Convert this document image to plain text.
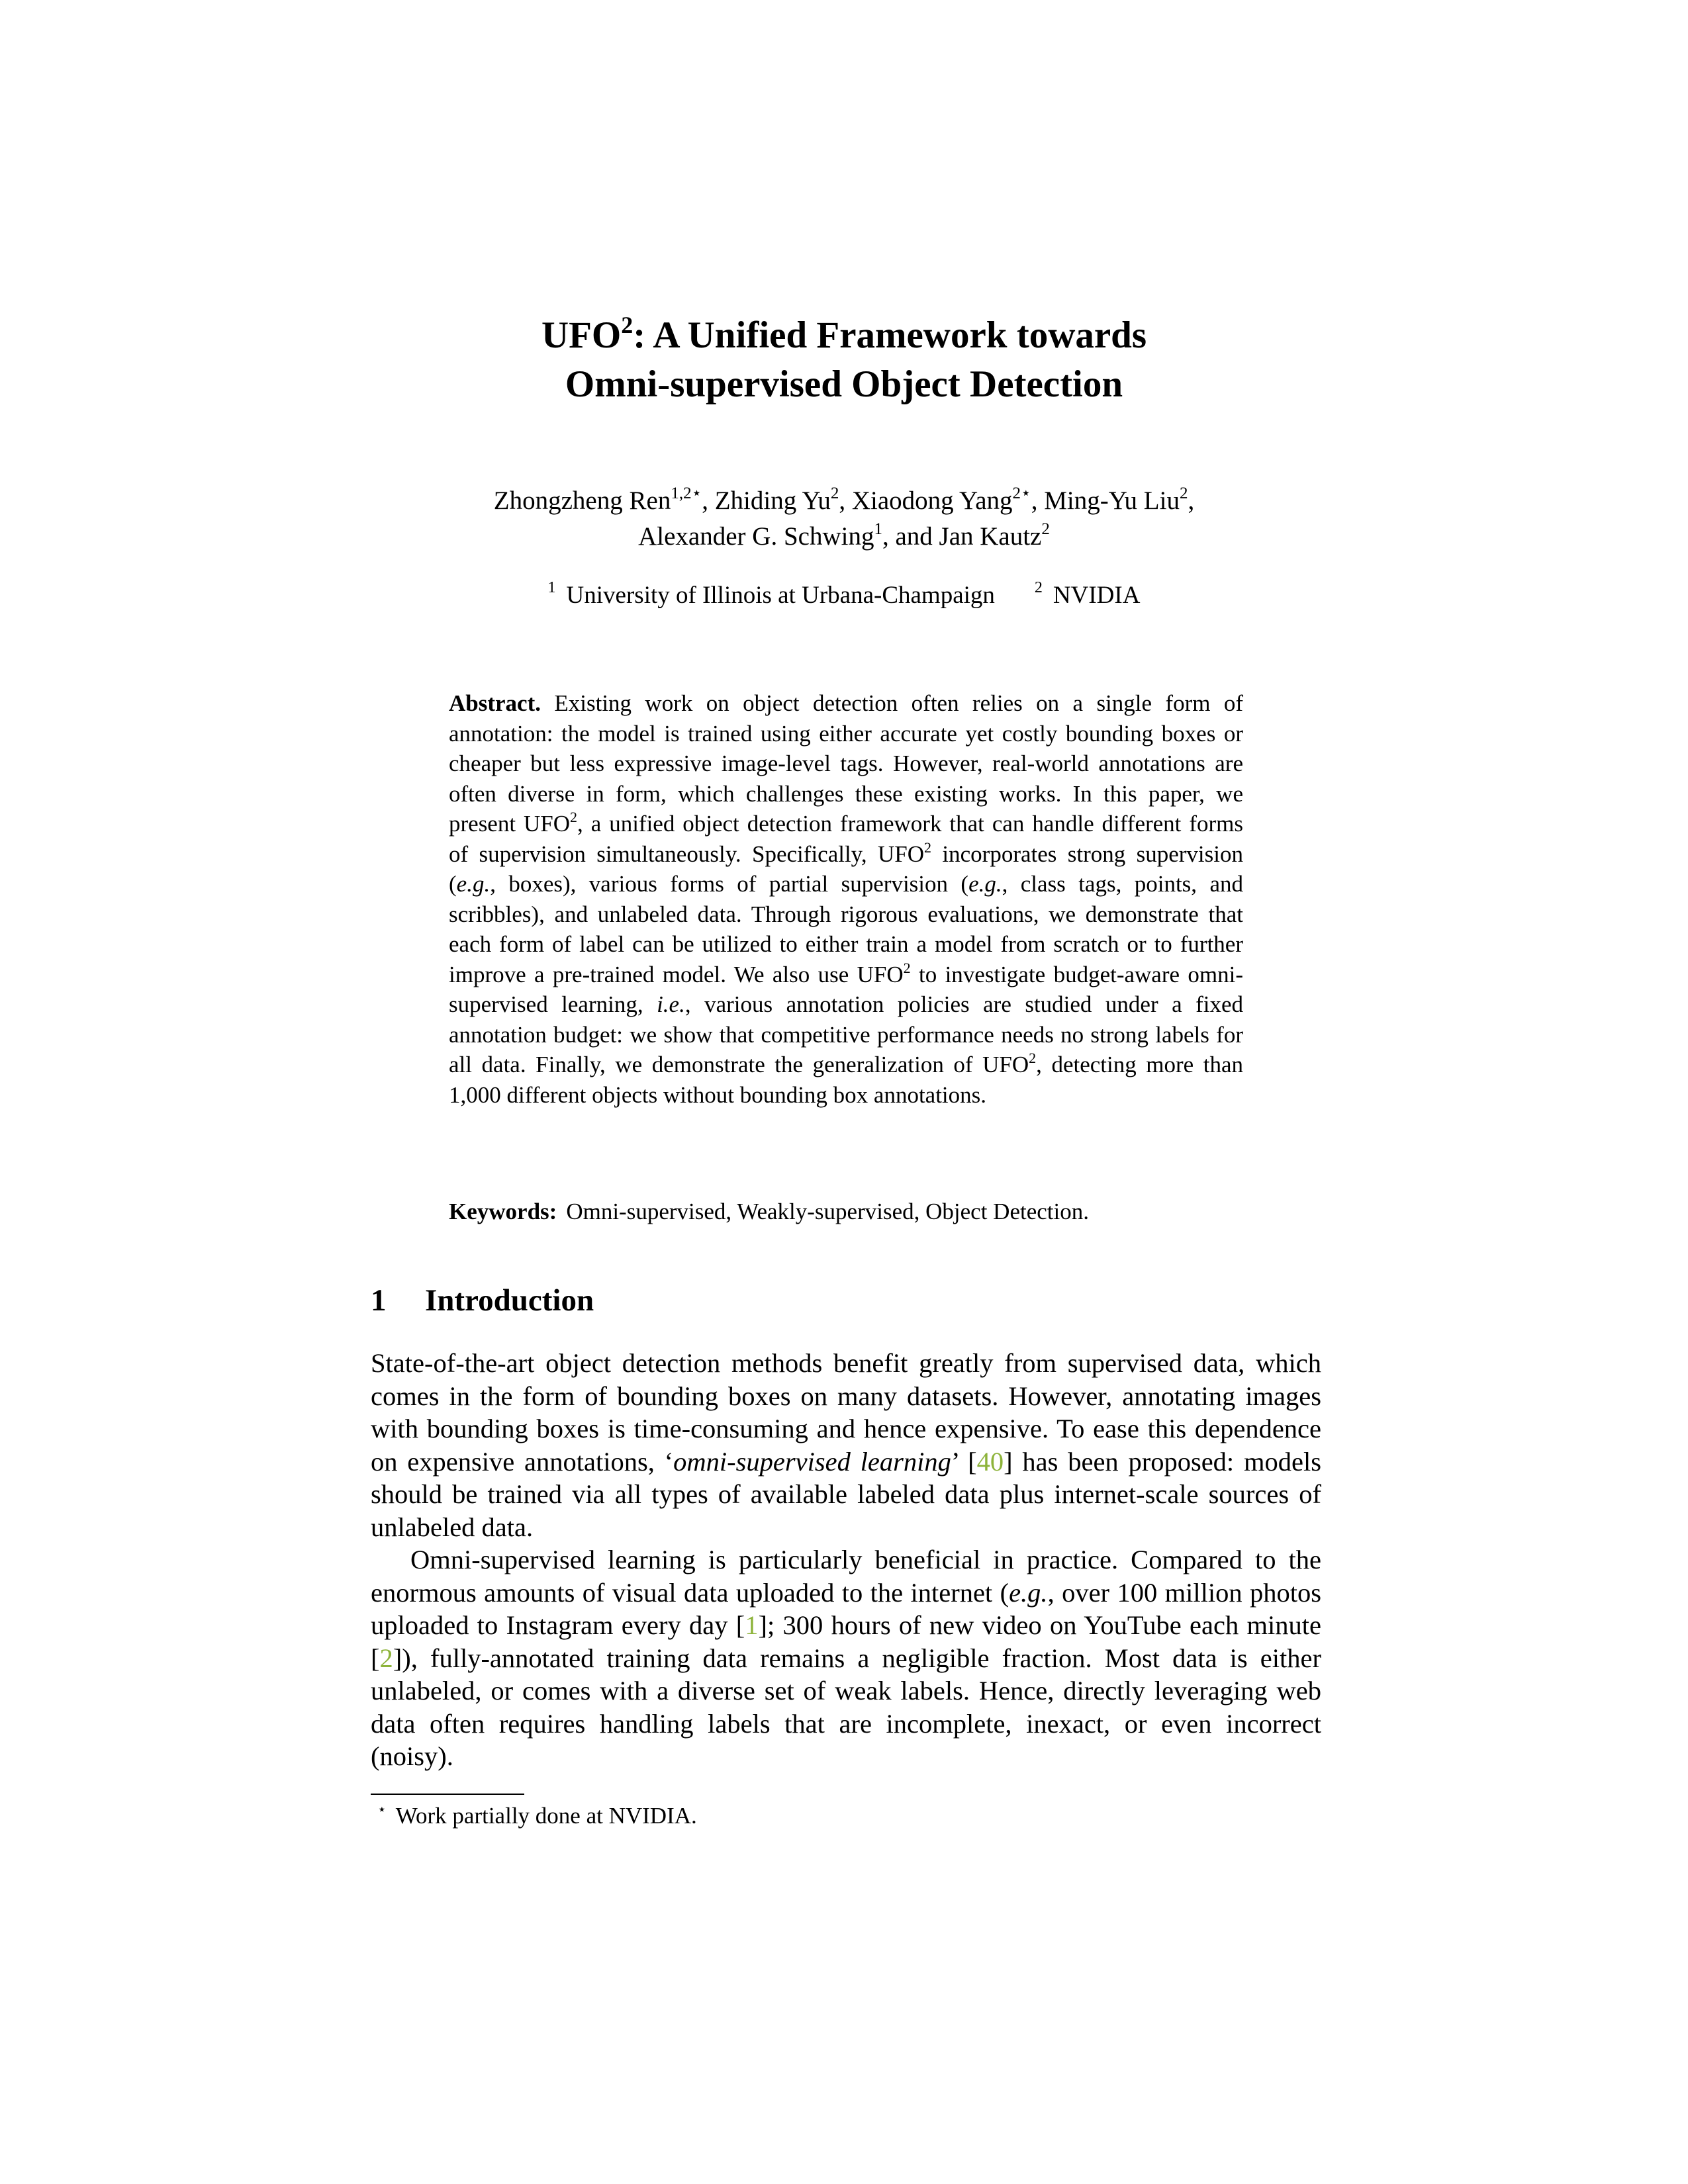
UFO$^2$: A Unified Framework towards
Omni-supervised Object Detection
Zhongzheng Ren$^{1,2⋆}$, Zhiding Yu$^2$, Xiaodong Yang$^{2⋆}$, Ming-Yu Liu$^2$,
Alexander G. Schwing$^1$, and Jan Kautz$^2$
$^1$ University of Illinois at Urbana-Champaign	$^2$ NVIDIA
Abstract. Existing work on object detection often relies on a single form of annotation: the model is trained using either accurate yet costly bounding boxes or cheaper but less expressive image-level tags. However, real-world annotations are often diverse in form, which challenges these existing works. In this paper, we present UFO$^2$, a unified object detection framework that can handle different forms of supervision simultaneously. Specifically, UFO$^2$ incorporates strong supervision (e.g., boxes), various forms of partial supervision (e.g., class tags, points, and scribbles), and unlabeled data. Through rigorous evaluations, we demonstrate that each form of label can be utilized to either train a model from scratch or to further improve a pre-trained model. We also use UFO$^2$ to investigate budget-aware omni-supervised learning, i.e., various annotation policies are studied under a fixed annotation budget: we show that competitive performance needs no strong labels for all data. Finally, we demonstrate the generalization of UFO$^2$, detecting more than 1,000 different objects without bounding box annotations.
Keywords: Omni-supervised, Weakly-supervised, Object Detection.
1 Introduction

State-of-the-art object detection methods benefit greatly from supervised data, which comes in the form of bounding boxes on many datasets. However, annotating images with bounding boxes is time-consuming and hence expensive. To ease this dependence on expensive annotations, ‘omni-supervised learning’ [40] has been proposed: models should be trained via all types of available labeled data plus internet-scale sources of unlabeled data.

Omni-supervised learning is particularly beneficial in practice. Compared to the enormous amounts of visual data uploaded to the internet (e.g., over 100 million photos uploaded to Instagram every day [1]; 300 hours of new video on YouTube each minute [2]), fully-annotated training data remains a negligible fraction. Most data is either unlabeled, or comes with a diverse set of weak labels. Hence, directly leveraging web data often requires handling labels that are incomplete, inexact, or even incorrect (noisy).

⋆ Work partially done at NVIDIA.
